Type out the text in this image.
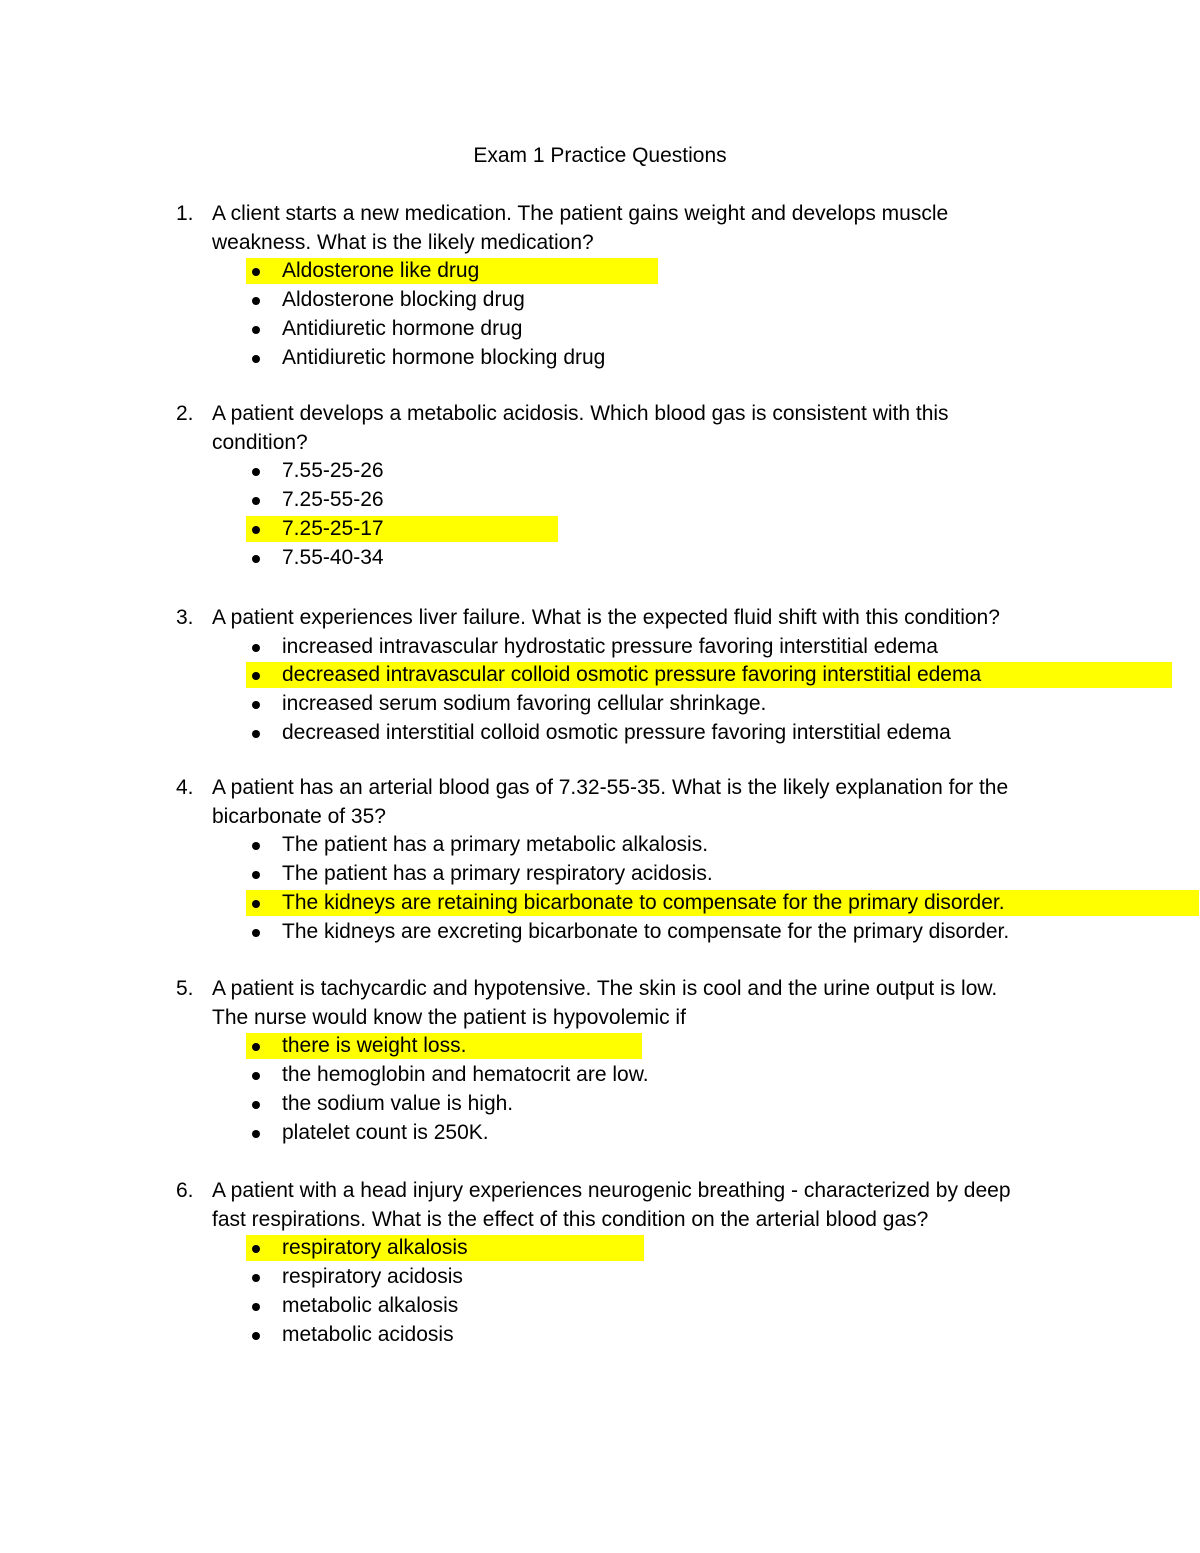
Exam 1 Practice Questions
1. A client starts a new medication. The patient gains weight and develops muscle
weakness. What is the likely medication?
Aldosterone like drug
Aldosterone blocking drug
Antidiuretic hormone drug
Antidiuretic hormone blocking drug
2. A patient develops a metabolic acidosis. Which blood gas is consistent with this
condition?
7.55-25-26
7.25-55-26
7.25-25-17
7.55-40-34
3. A patient experiences liver failure. What is the expected fluid shift with this condition?
increased intravascular hydrostatic pressure favoring interstitial edema
decreased intravascular colloid osmotic pressure favoring interstitial edema
increased serum sodium favoring cellular shrinkage.
decreased interstitial colloid osmotic pressure favoring interstitial edema
4. A patient has an arterial blood gas of 7.32-55-35. What is the likely explanation for the
bicarbonate of 35?
The patient has a primary metabolic alkalosis.
The patient has a primary respiratory acidosis.
The kidneys are retaining bicarbonate to compensate for the primary disorder.
The kidneys are excreting bicarbonate to compensate for the primary disorder.
5. A patient is tachycardic and hypotensive. The skin is cool and the urine output is low.
The nurse would know the patient is hypovolemic if
there is weight loss.
the hemoglobin and hematocrit are low.
the sodium value is high.
platelet count is 250K.
6. A patient with a head injury experiences neurogenic breathing - characterized by deep
fast respirations. What is the effect of this condition on the arterial blood gas?
respiratory alkalosis
respiratory acidosis
metabolic alkalosis
metabolic acidosis
